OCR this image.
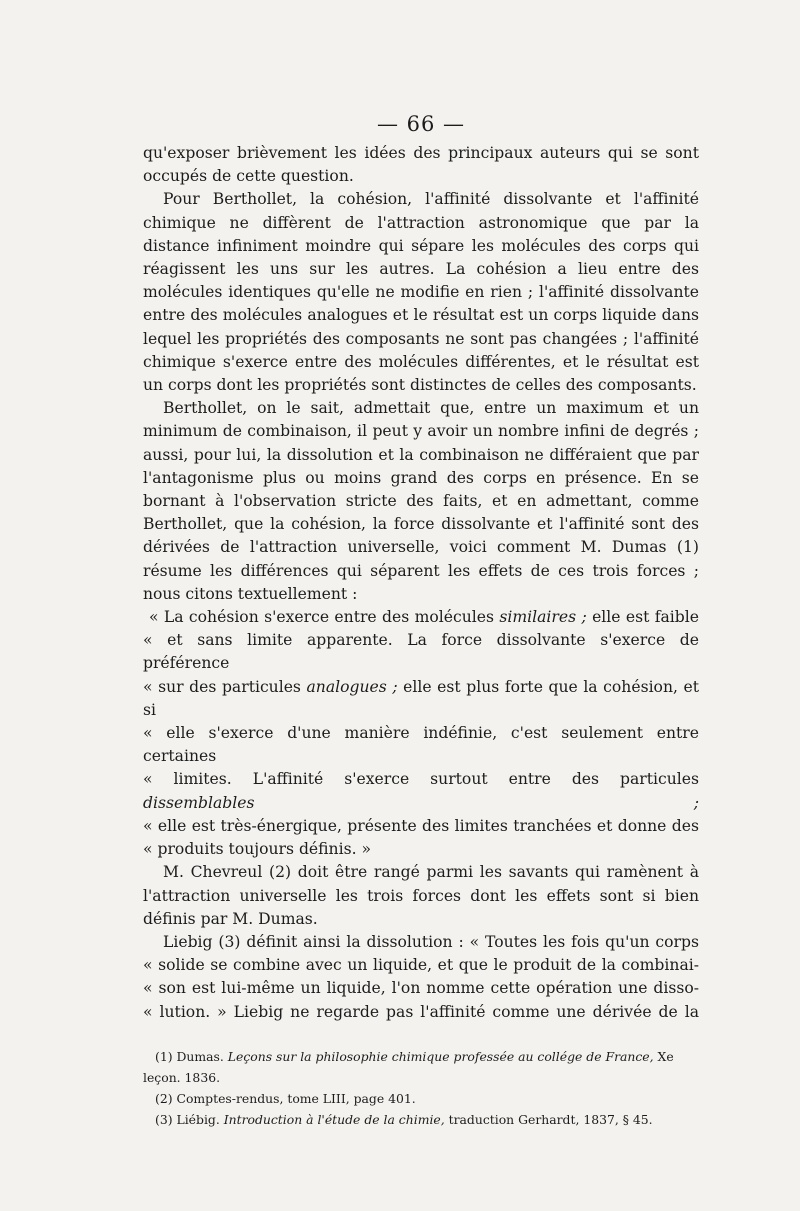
— 66 —

qu'exposer brièvement les idées des principaux auteurs qui se sont occupés de cette question.

Pour Berthollet, la cohésion, l'affinité dissolvante et l'affinité chimique ne diffèrent de l'attraction astronomique que par la distance infiniment moindre qui sépare les molécules des corps qui réagissent les uns sur les autres. La cohésion a lieu entre des molécules identiques qu'elle ne modifie en rien ; l'affinité dissolvante entre des molécules analogues et le résultat est un corps liquide dans lequel les propriétés des composants ne sont pas changées ; l'affinité chimique s'exerce entre des molécules différentes, et le résultat est un corps dont les propriétés sont distinctes de celles des composants.

Berthollet, on le sait, admettait que, entre un maximum et un minimum de combinaison, il peut y avoir un nombre infini de degrés ; aussi, pour lui, la dissolution et la combinaison ne différaient que par l'antagonisme plus ou moins grand des corps en présence. En se bornant à l'observation stricte des faits, et en admettant, comme Berthollet, que la cohésion, la force dissolvante et l'affinité sont des dérivées de l'attraction universelle, voici comment M. Dumas (1) résume les différences qui séparent les effets de ces trois forces ; nous citons textuellement :

« La cohésion s'exerce entre des molécules similaires ; elle est faible
« et sans limite apparente. La force dissolvante s'exerce de préférence
« sur des particules analogues ; elle est plus forte que la cohésion, et si
« elle s'exerce d'une manière indéfinie, c'est seulement entre certaines
« limites. L'affinité s'exerce surtout entre des particules dissemblables ;
« elle est très-énergique, présente des limites tranchées et donne des
« produits toujours définis. »

M. Chevreul (2) doit être rangé parmi les savants qui ramènent à l'attraction universelle les trois forces dont les effets sont si bien définis par M. Dumas.

Liebig (3) définit ainsi la dissolution : « Toutes les fois qu'un corps
« solide se combine avec un liquide, et que le produit de la combinai-
« son est lui-même un liquide, l'on nomme cette opération une disso-
« lution. » Liebig ne regarde pas l'affinité comme une dérivée de la

(1) Dumas. Leçons sur la philosophie chimique professée au collége de France, Xe

leçon. 1836.

(2) Comptes-rendus, tome LIII, page 401.

(3) Liébig. Introduction à l'étude de la chimie, traduction Gerhardt, 1837, § 45.
